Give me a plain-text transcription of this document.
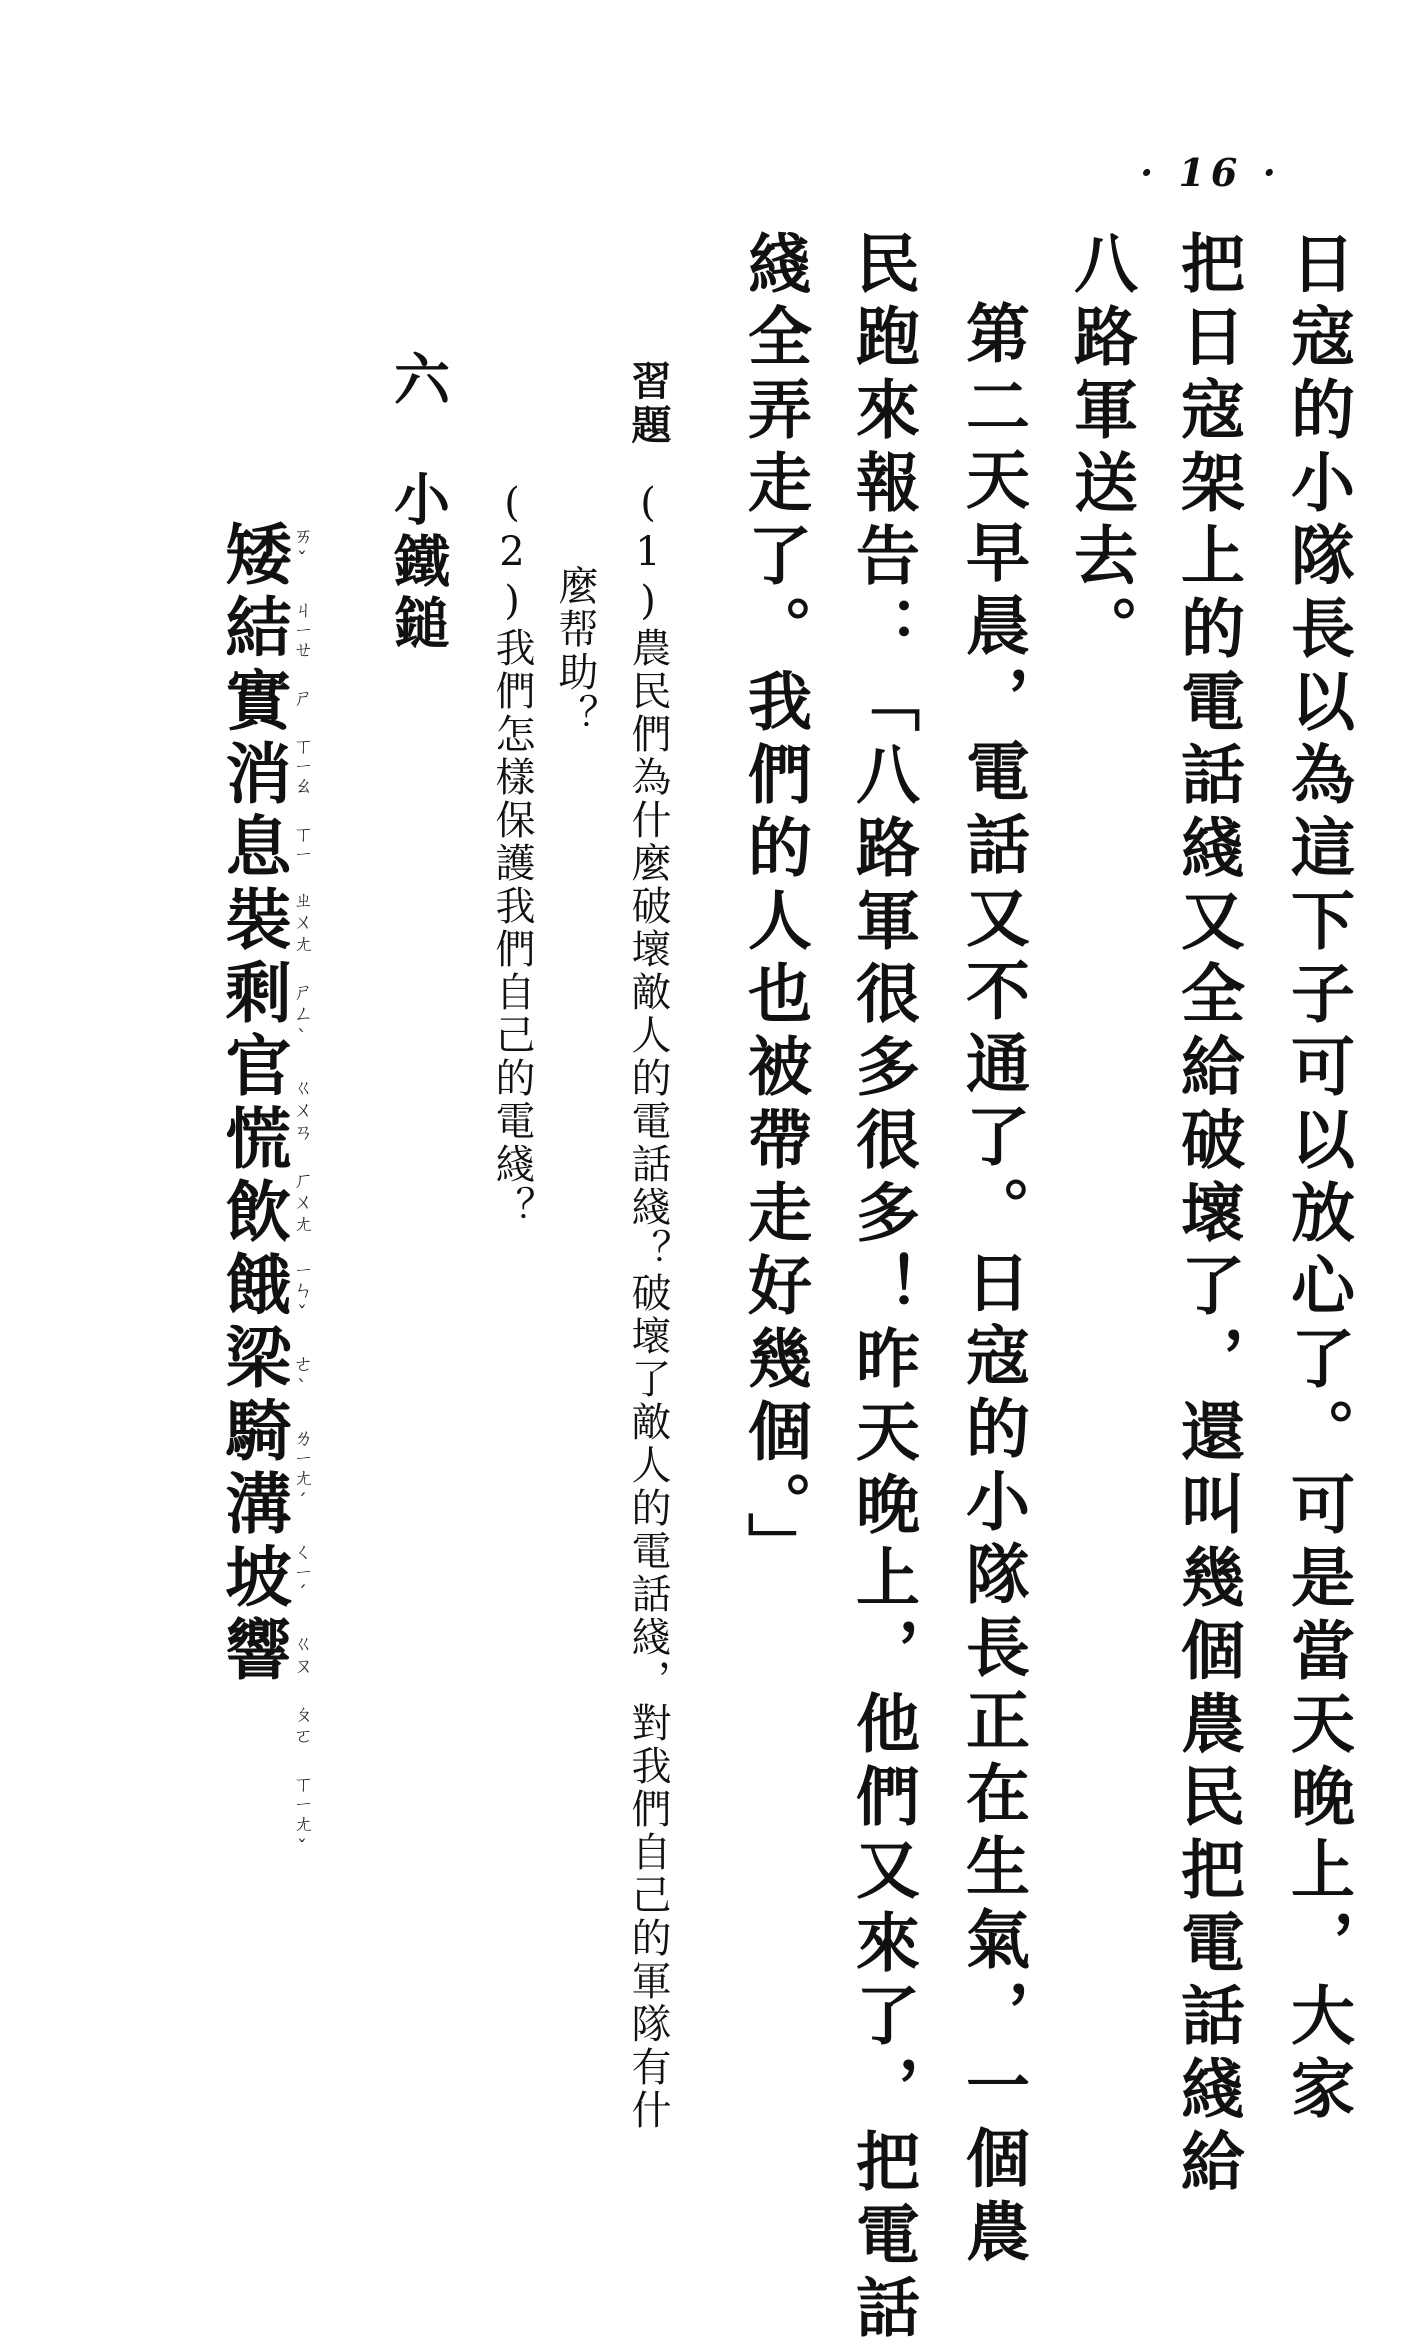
· 16 ·
日寇的小隊長以為這下子可以放心了。可是當天晚上，大家
把日寇架上的電話綫又全給破壞了，還叫幾個農民把電話綫給
八路軍送去。
第二天早晨，電話又不通了。日寇的小隊長正在生氣，一個農
民跑來報告：「八路軍很多很多！昨天晚上，他們又來了，把電話
綫全弄走了。我們的人也被帶走好幾個。」
習題
(1)農民們為什麼破壞敵人的電話綫？破壞了敵人的電話綫，對我們自己的軍隊有什
麼帮助？
(2)我們怎樣保護我們自己的電綫？
六
小鐵鎚
矮結實消息裝剩官慌飲餓梁騎溝坡響
ㄞˇ ㄐㄧㄝ ㄕ ㄒㄧㄠ ㄒㄧ ㄓㄨㄤ ㄕㄥˋ ㄍㄨㄢ ㄏㄨㄤ ㄧㄣˇ ㄜˋ ㄌㄧㄤˊ ㄑㄧˊ ㄍㄡ ㄆㄛ ㄒㄧㄤˇ
